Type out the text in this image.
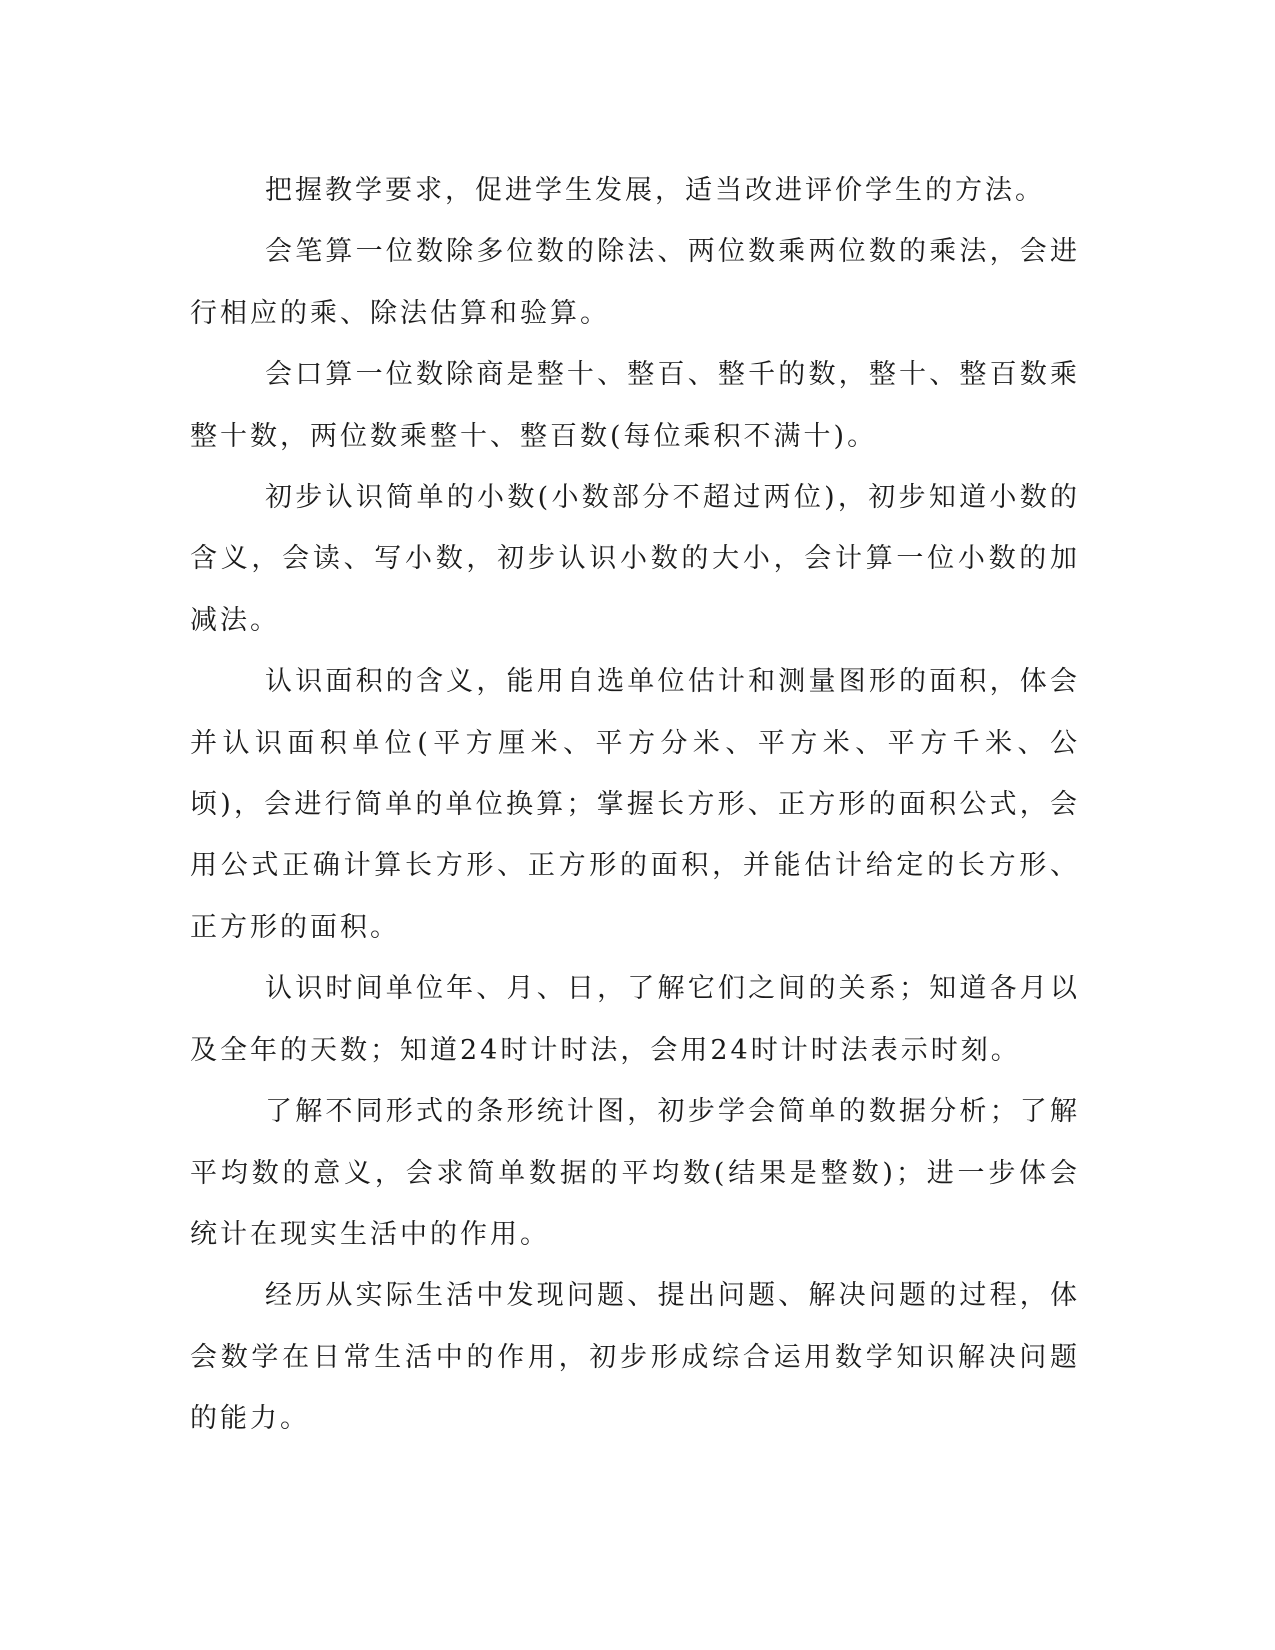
把握教学要求，促进学生发展，适当改进评价学生的方法。

会笔算一位数除多位数的除法、两位数乘两位数的乘法，会进行相应的乘、除法估算和验算。

会口算一位数除商是整十、整百、整千的数，整十、整百数乘整十数，两位数乘整十、整百数(每位乘积不满十)。

初步认识简单的小数(小数部分不超过两位)，初步知道小数的含义，会读、写小数，初步认识小数的大小，会计算一位小数的加减法。

认识面积的含义，能用自选单位估计和测量图形的面积，体会并认识面积单位(平方厘米、平方分米、平方米、平方千米、公顷)，会进行简单的单位换算；掌握长方形、正方形的面积公式，会用公式正确计算长方形、正方形的面积，并能估计给定的长方形、正方形的面积。

认识时间单位年、月、日，了解它们之间的关系；知道各月以及全年的天数；知道24时计时法，会用24时计时法表示时刻。

了解不同形式的条形统计图，初步学会简单的数据分析；了解平均数的意义，会求简单数据的平均数(结果是整数)；进一步体会统计在现实生活中的作用。

经历从实际生活中发现问题、提出问题、解决问题的过程，体会数学在日常生活中的作用，初步形成综合运用数学知识解决问题的能力。
